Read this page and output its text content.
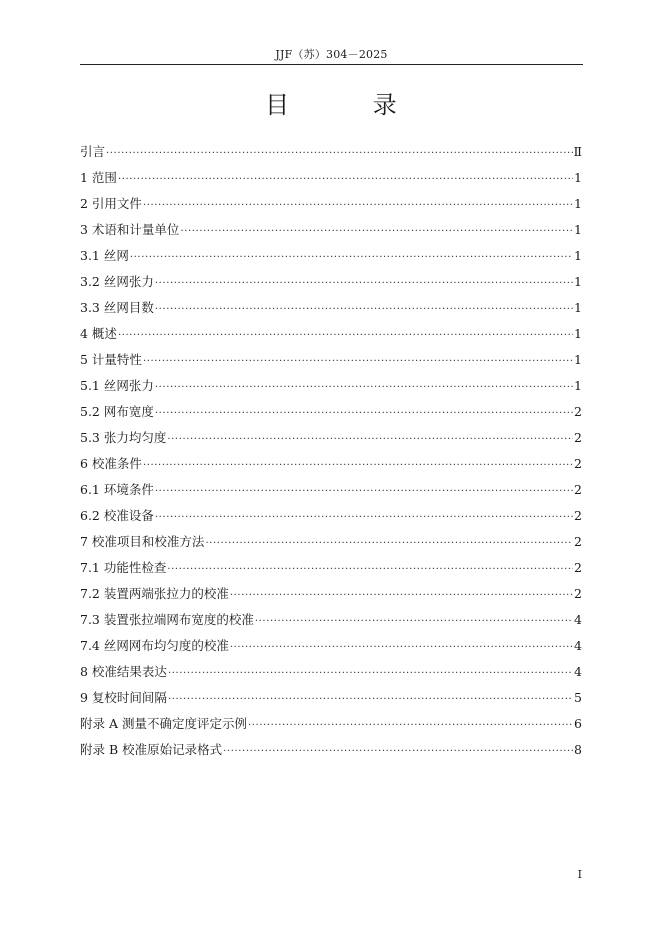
JJF（苏）304－2025
目 录
引言 ·····	Ⅱ
1 范围 ·····	1
2 引用文件 ·····	1
3 术语和计量单位 ·····	1
3.1 丝网 ·····	1
3.2 丝网张力 ·····	1
3.3 丝网目数 ·····	1
4 概述 ·····	1
5 计量特性 ·····	1
5.1 丝网张力 ·····	1
5.2 网布宽度 ·····	2
5.3 张力均匀度 ·····	2
6 校准条件 ·····	2
6.1 环境条件 ·····	2
6.2 校准设备 ·····	2
7 校准项目和校准方法 ·····	2
7.1 功能性检查 ·····	2
7.2 装置两端张拉力的校准 ·····	2
7.3 装置张拉端网布宽度的校准 ·····	4
7.4 丝网网布均匀度的校准 ·····	4
8 校准结果表达 ·····	4
9 复校时间间隔 ·····	5
附录 A 测量不确定度评定示例 ·····	6
附录 B 校准原始记录格式 ·····	8
I
